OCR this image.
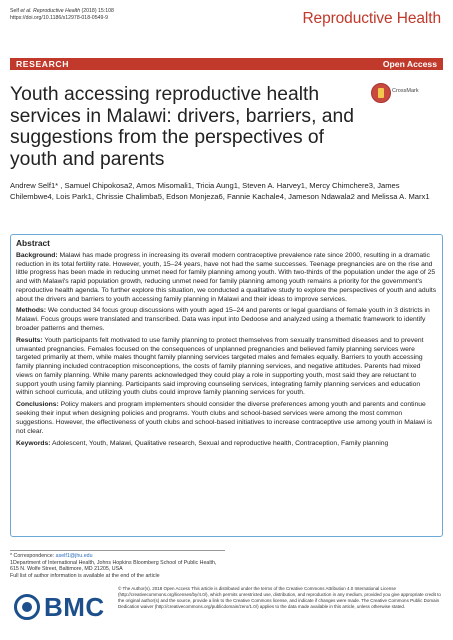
Self et al. Reproductive Health (2018) 15:108
https://doi.org/10.1186/s12978-018-0549-9	Reproductive Health
RESEARCH	Open Access
Youth accessing reproductive health services in Malawi: drivers, barriers, and suggestions from the perspectives of youth and parents
CrossMark
Andrew Self1* , Samuel Chipokosa2, Amos Misomali1, Tricia Aung1, Steven A. Harvey1, Mercy Chimchere3, James Chilembwe4, Lois Park1, Chrissie Chalimba5, Edson Monjeza6, Fannie Kachale4, Jameson Ndawala2 and Melissa A. Marx1
Abstract

Background: Malawi has made progress in increasing its overall modern contraceptive prevalence rate since 2000, resulting in a dramatic reduction in its total fertility rate. However, youth, 15–24 years, have not had the same successes. Teenage pregnancies are on the rise and little progress has been made in reducing unmet need for family planning among youth. With two-thirds of the population under the age of 25 and with Malawi's rapid population growth, reducing unmet need for family planning among youth remains a priority for the government's reproductive health agenda. To further explore this situation, we conducted a qualitative study to explore the perspectives of youth and adults about the drivers and barriers to youth accessing family planning in Malawi and their ideas to improve services.

Methods: We conducted 34 focus group discussions with youth aged 15–24 and parents or legal guardians of female youth in 3 districts in Malawi. Focus groups were translated and transcribed. Data was input into Dedoose and analyzed using a thematic framework to identify broader patterns and themes.

Results: Youth participants felt motivated to use family planning to protect themselves from sexually transmitted diseases and to prevent unwanted pregnancies. Females focused on the consequences of unplanned pregnancies and believed family planning services were targeted primarily at them, while males thought family planning services targeted males and females equally. Barriers to youth accessing family planning included contraception misconceptions, the costs of family planning services, and negative attitudes. Parents had mixed views on family planning. While many parents acknowledged they could play a role in supporting youth, most said they are reluctant to support youth using family planning. Participants said improving counseling services, integrating family planning services and education within school curricula, and utilizing youth clubs could improve family planning services for youth.

Conclusions: Policy makers and program implementers should consider the diverse preferences among youth and parents and continue seeking their input when designing policies and programs. Youth clubs and school-based services were among the most common suggestions. However, the effectiveness of youth clubs and school-based initiatives to increase contraceptive use among youth in Malawi is not clear.

Keywords: Adolescent, Youth, Malawi, Qualitative research, Sexual and reproductive health, Contraception, Family planning

* Correspondence: aself1@jhu.edu
1Department of International Health, Johns Hopkins Bloomberg School of Public Health, 615 N. Wolfe Street, Baltimore, MD 21205, USA
Full list of author information is available at the end of the article
BMC
© The Author(s). 2018 Open Access This article is distributed under the terms of the Creative Commons Attribution 4.0 International License (http://creativecommons.org/licenses/by/4.0/), which permits unrestricted use, distribution, and reproduction in any medium, provided you give appropriate credit to the original author(s) and the source, provide a link to the Creative Commons license, and indicate if changes were made. The Creative Commons Public Domain Dedication waiver (http://creativecommons.org/publicdomain/zero/1.0/) applies to the data made available in this article, unless otherwise stated.
